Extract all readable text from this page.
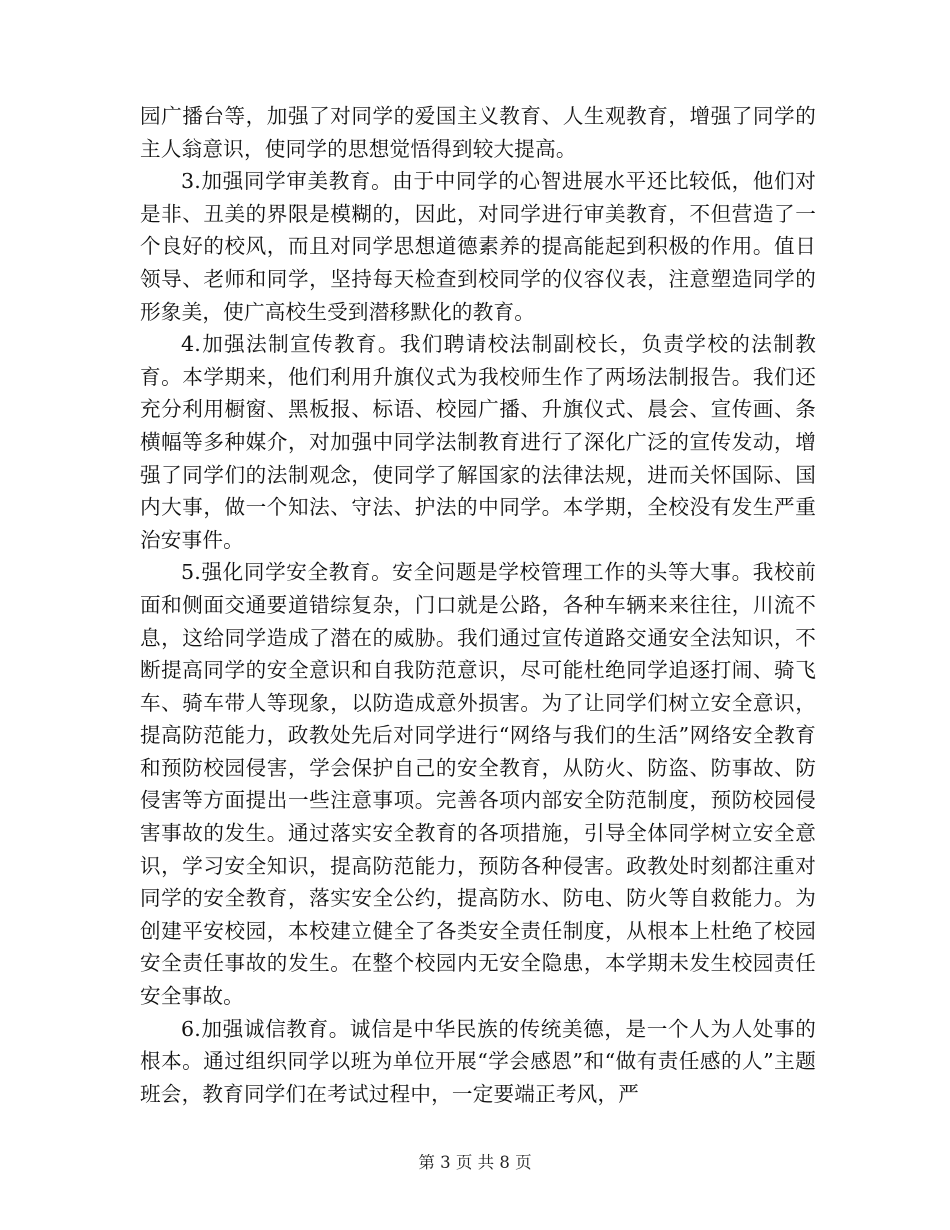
园广播台等，加强了对同学的爱国主义教育、人生观教育，增强了同学的主人翁意识，使同学的思想觉悟得到较大提高。

3.加强同学审美教育。由于中同学的心智进展水平还比较低，他们对是非、丑美的界限是模糊的，因此，对同学进行审美教育，不但营造了一个良好的校风，而且对同学思想道德素养的提高能起到积极的作用。值日领导、老师和同学，坚持每天检查到校同学的仪容仪表，注意塑造同学的形象美，使广高校生受到潜移默化的教育。

4.加强法制宣传教育。我们聘请校法制副校长，负责学校的法制教育。本学期来，他们利用升旗仪式为我校师生作了两场法制报告。我们还充分利用橱窗、黑板报、标语、校园广播、升旗仪式、晨会、宣传画、条横幅等多种媒介，对加强中同学法制教育进行了深化广泛的宣传发动，增强了同学们的法制观念，使同学了解国家的法律法规，进而关怀国际、国内大事，做一个知法、守法、护法的中同学。本学期，全校没有发生严重治安事件。

5.强化同学安全教育。安全问题是学校管理工作的头等大事。我校前面和侧面交通要道错综复杂，门口就是公路，各种车辆来来往往，川流不息，这给同学造成了潜在的威胁。我们通过宣传道路交通安全法知识，不断提高同学的安全意识和自我防范意识，尽可能杜绝同学追逐打闹、骑飞车、骑车带人等现象，以防造成意外损害。为了让同学们树立安全意识，提高防范能力，政教处先后对同学进行“网络与我们的生活”网络安全教育和预防校园侵害，学会保护自己的安全教育，从防火、防盗、防事故、防侵害等方面提出一些注意事项。完善各项内部安全防范制度，预防校园侵害事故的发生。通过落实安全教育的各项措施，引导全体同学树立安全意识，学习安全知识，提高防范能力，预防各种侵害。政教处时刻都注重对同学的安全教育，落实安全公约，提高防水、防电、防火等自救能力。为创建平安校园，本校建立健全了各类安全责任制度，从根本上杜绝了校园安全责任事故的发生。在整个校园内无安全隐患，本学期未发生校园责任安全事故。

6.加强诚信教育。诚信是中华民族的传统美德，是一个人为人处事的根本。通过组织同学以班为单位开展“学会感恩”和“做有责任感的人”主题班会，教育同学们在考试过程中，一定要端正考风，严

第 3 页 共 8 页
